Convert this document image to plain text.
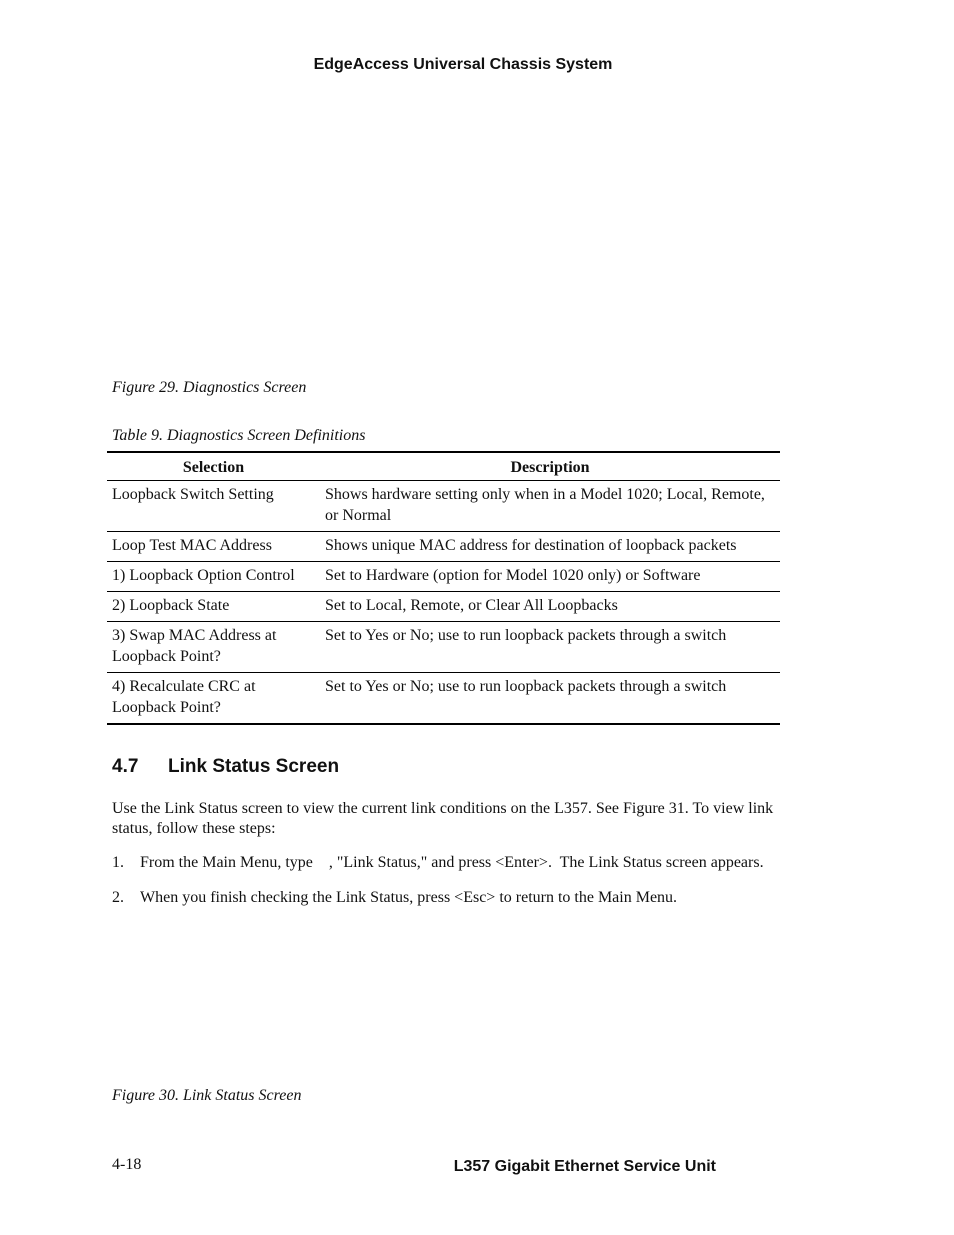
EdgeAccess Universal Chassis System
Figure 29. Diagnostics Screen
Table 9. Diagnostics Screen Definitions
Selection	Description
Loopback Switch Setting	Shows hardware setting only when in a Model 1020; Local, Remote, or Normal
Loop Test MAC Address	Shows unique MAC address for destination of loopback packets
1) Loopback Option Control	Set to Hardware (option for Model 1020 only) or Software
2) Loopback State	Set to Local, Remote, or Clear All Loopbacks
3) Swap MAC Address at Loopback Point?	Set to Yes or No; use to run loopback packets through a switch
4) Recalculate CRC at Loopback Point?	Set to Yes or No; use to run loopback packets through a switch
4.7 Link Status Screen
Use the Link Status screen to view the current link conditions on the L357. See Figure 31. To view link status, follow these steps:
1. From the Main Menu, type    , "Link Status," and press <Enter>.  The Link Status screen appears.
2. When you finish checking the Link Status, press <Esc> to return to the Main Menu.
Figure 30. Link Status Screen
4-18	L357 Gigabit Ethernet Service Unit
